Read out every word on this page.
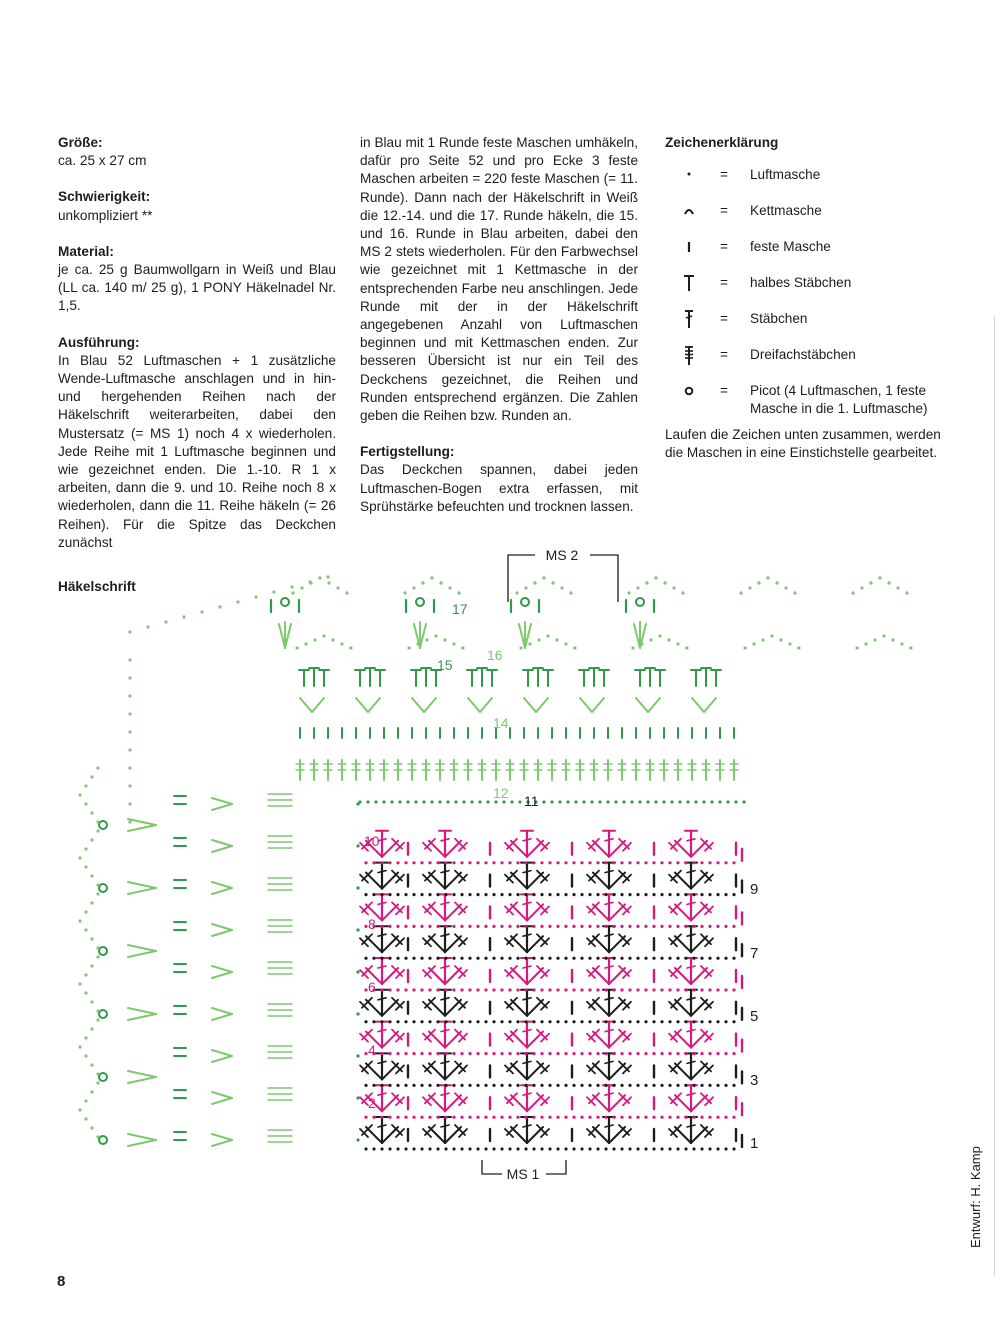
Größe:

ca. 25 x 27 cm

Schwierigkeit:

unkompliziert **

Material:

je ca. 25 g Baumwollgarn in Weiß und Blau (LL ca. 140 m/ 25 g), 1 PONY Häkelnadel Nr. 1,5.

Ausführung:

In Blau 52 Luftmaschen + 1 zusätzliche Wende-Luftmasche anschlagen und in hin- und hergehenden Reihen nach der Häkelschrift weiterarbeiten, dabei den Mustersatz (= MS 1) noch 4 x wiederholen. Jede Reihe mit 1 Luftmasche beginnen und wie gezeichnet enden. Die 1.-10. R 1 x arbeiten, dann die 9. und 10. Reihe noch 8 x wiederholen, dann die 11. Reihe häkeln (= 26 Reihen). Für die Spitze das Deckchen zunächst

in Blau mit 1 Runde feste Maschen umhäkeln, dafür pro Seite 52 und pro Ecke 3 feste Maschen arbeiten = 220 feste Maschen (= 11. Runde). Dann nach der Häkelschrift in Weiß die 12.-14. und die 17. Runde häkeln, die 15. und 16. Runde in Blau arbeiten, dabei den MS 2 stets wiederholen. Für den Farbwechsel wie gezeichnet mit 1 Kettmasche in der entsprechenden Farbe neu anschlingen. Jede Runde mit der in der Häkelschrift angegebenen Anzahl von Luftmaschen beginnen und mit Kettmaschen enden. Zur besseren Übersicht ist nur ein Teil des Deckchens gezeichnet, die Reihen und Runden entsprechend ergänzen. Die Zahlen geben die Reihen bzw. Runden an.

Fertigstellung:

Das Deckchen spannen, dabei jeden Luftmaschen-Bogen extra erfassen, mit Sprühstärke befeuchten und trocknen lassen.

Zeichenerklärung
= Luftmasche
= Kettmasche
= feste Masche
= halbes Stäbchen
= Stäbchen
= Dreifachstäbchen
= Picot (4 Luftmaschen, 1 feste Masche in die 1. Luftmasche)

Laufen die Zeichen unten zusammen, werden die Maschen in eine Einstichstelle gearbeitet.

Häkelschrift
MS 2
MS 1
9
7
5
3
1
10
8
6
4
2
11
12
14
15
16
17
8
Entwurf: H. Kamp
